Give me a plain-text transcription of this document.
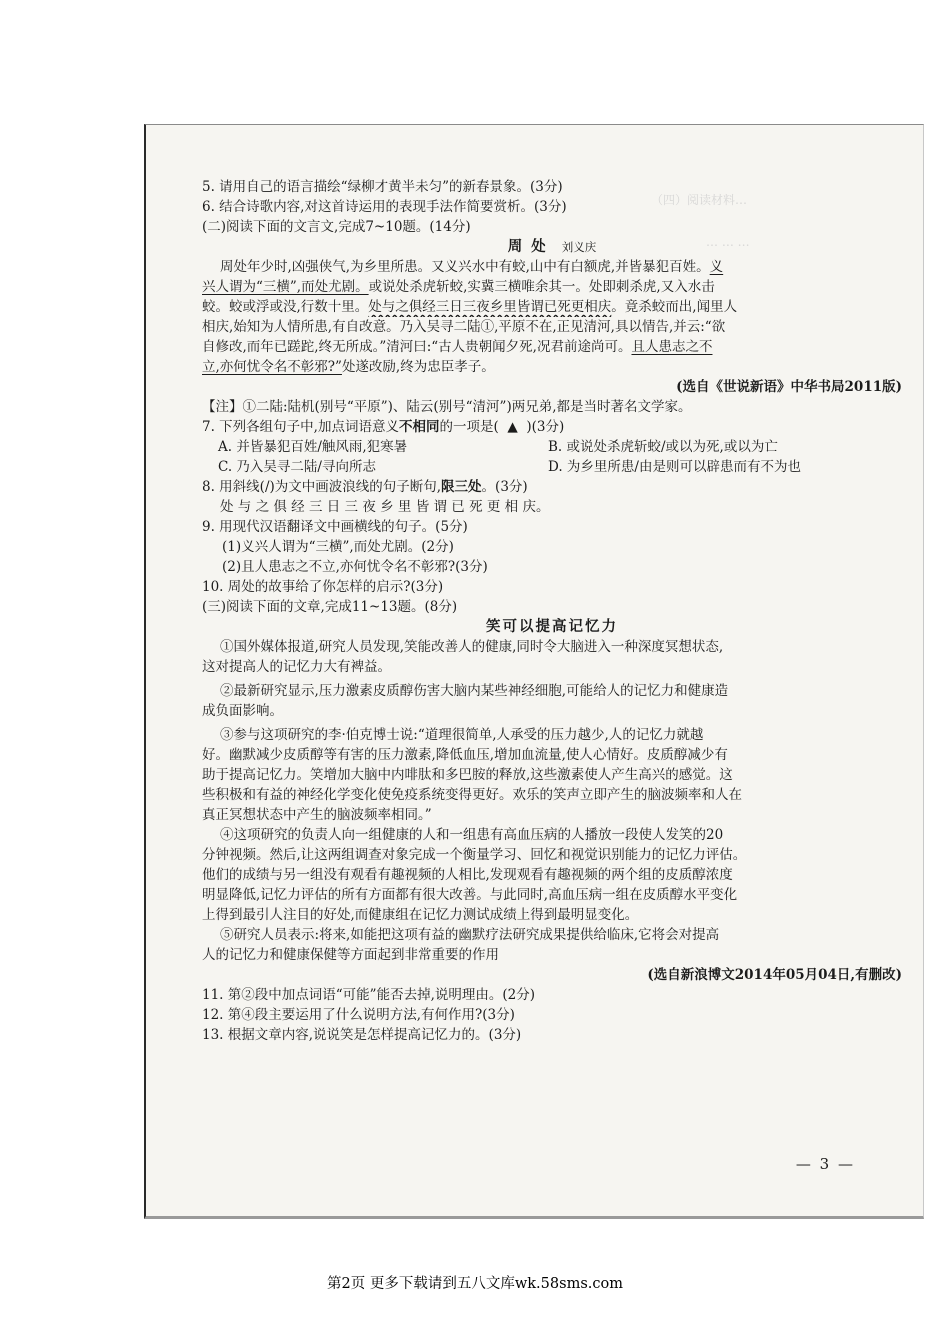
（四）阅读材料…
… … …
5. 请用自己的语言描绘“绿柳才黄半未匀”的新春景象。(3分)
6. 结合诗歌内容,对这首诗运用的表现手法作简要赏析。(3分)
(二)阅读下面的文言文,完成7~10题。(14分)
周 处 刘义庆
周处年少时,凶强侠气,为乡里所患。又义兴水中有蛟,山中有白额虎,并皆暴犯百姓。义
兴人谓为“三横”,而处尤剧。或说处杀虎斩蛟,实冀三横唯余其一。处即刺杀虎,又入水击
蛟。蛟或浮或没,行数十里。处与之俱经三日三夜乡里皆谓已死更相庆。竟杀蛟而出,闻里人
相庆,始知为人情所患,有自改意。乃入吴寻二陆①,平原不在,正见清河,具以情告,并云:“欲
自修改,而年已蹉跎,终无所成。”清河曰:“古人贵朝闻夕死,况君前途尚可。且人患志之不
立,亦何忧令名不彰邪?”处遂改励,终为忠臣孝子。
(选自《世说新语》中华书局2011版)
【注】①二陆:陆机(别号“平原”)、陆云(别号“清河”)两兄弟,都是当时著名文学家。
7. 下列各组句子中,加点词语意义不相同的一项是( ▲ )(3分)
A. 并皆暴犯百姓/触风雨,犯寒暑	B. 或说处杀虎斩蛟/或以为死,或以为亡
C. 乃入吴寻二陆/寻向所志	D. 为乡里所患/由是则可以辟患而有不为也
8. 用斜线(/)为文中画波浪线的句子断句,限三处。(3分)
处 与 之 俱 经 三 日 三 夜 乡 里 皆 谓 已 死 更 相 庆。
9. 用现代汉语翻译文中画横线的句子。(5分)
(1)义兴人谓为“三横”,而处尤剧。(2分)
(2)且人患志之不立,亦何忧令名不彰邪?(3分)
10. 周处的故事给了你怎样的启示?(3分)
(三)阅读下面的文章,完成11~13题。(8分)
笑可以提高记忆力
①国外媒体报道,研究人员发现,笑能改善人的健康,同时令大脑进入一种深度冥想状态,
这对提高人的记忆力大有裨益。
②最新研究显示,压力激素皮质醇伤害大脑内某些神经细胞,可能给人的记忆力和健康造
成负面影响。
③参与这项研究的李·伯克博士说:“道理很简单,人承受的压力越少,人的记忆力就越
好。幽默减少皮质醇等有害的压力激素,降低血压,增加血流量,使人心情好。皮质醇减少有
助于提高记忆力。笑增加大脑中内啡肽和多巴胺的释放,这些激素使人产生高兴的感觉。这
些积极和有益的神经化学变化使免疫系统变得更好。欢乐的笑声立即产生的脑波频率和人在
真正冥想状态中产生的脑波频率相同。”
④这项研究的负责人向一组健康的人和一组患有高血压病的人播放一段使人发笑的20
分钟视频。然后,让这两组调查对象完成一个衡量学习、回忆和视觉识别能力的记忆力评估。
他们的成绩与另一组没有观看有趣视频的人相比,发现观看有趣视频的两个组的皮质醇浓度
明显降低,记忆力评估的所有方面都有很大改善。与此同时,高血压病一组在皮质醇水平变化
上得到最引人注目的好处,而健康组在记忆力测试成绩上得到最明显变化。
⑤研究人员表示:将来,如能把这项有益的幽默疗法研究成果提供给临床,它将会对提高
人的记忆力和健康保健等方面起到非常重要的作用
(选自新浪博文2014年05月04日,有删改)
11. 第②段中加点词语“可能”能否去掉,说明理由。(2分)
12. 第④段主要运用了什么说明方法,有何作用?(3分)
13. 根据文章内容,说说笑是怎样提高记忆力的。(3分)
— 3 —
第2页 更多下载请到五八文库wk.58sms.com
